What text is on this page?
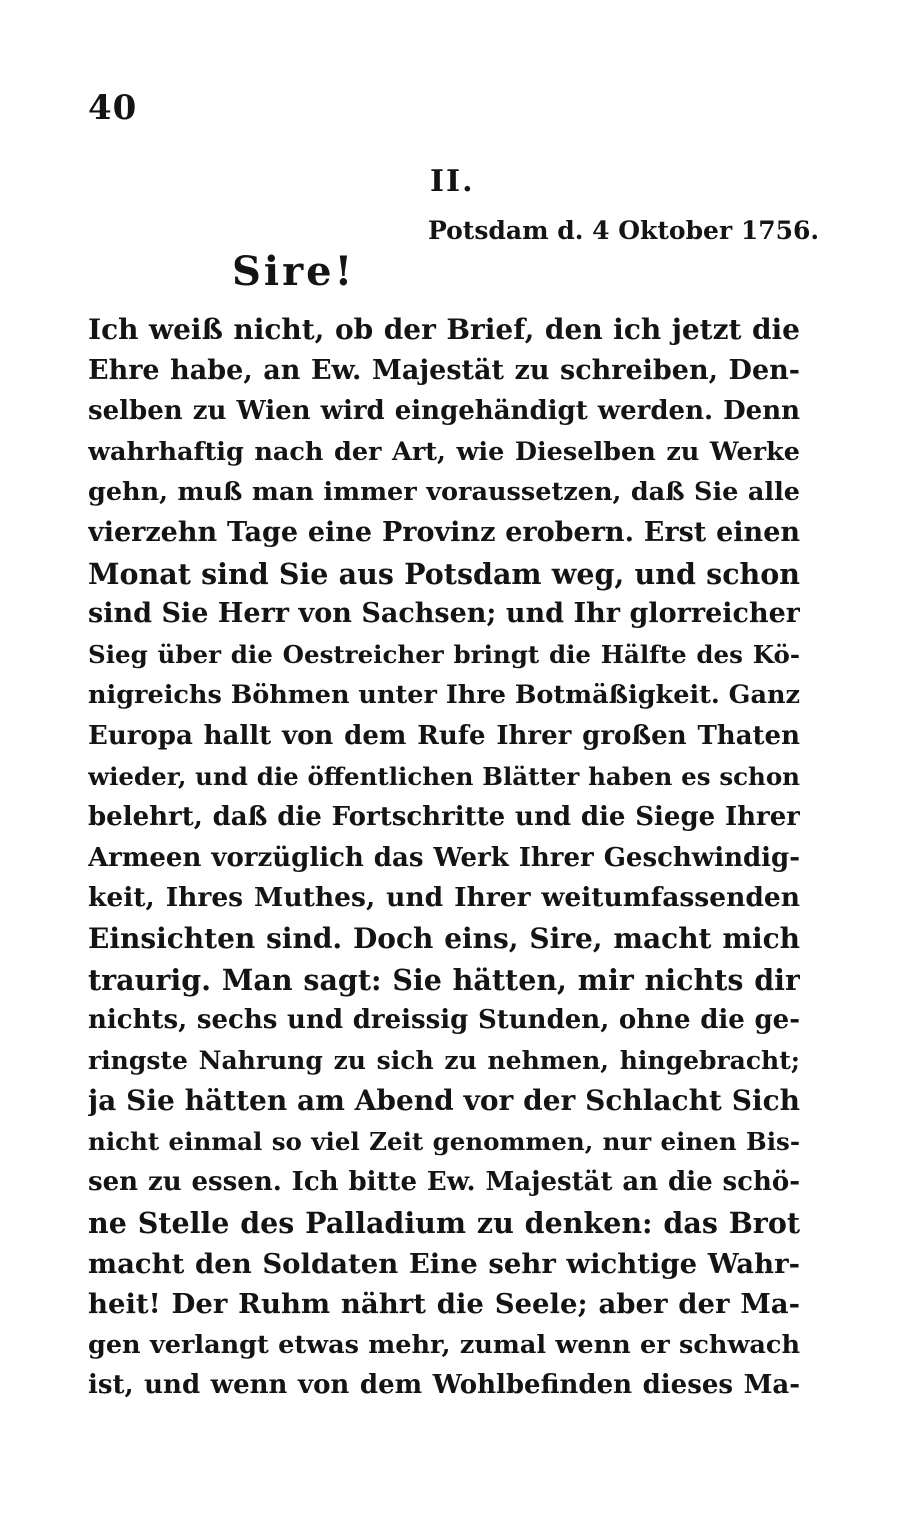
40
II.
Potsdam d. 4 Oktober 1756.
Sire!
Ich weiß nicht, ob der Brief, den ich jetzt die
Ehre habe, an Ew. Majestät zu schreiben, Den-
selben zu Wien wird eingehändigt werden. Denn
wahrhaftig nach der Art, wie Dieselben zu Werke
gehn, muß man immer voraussetzen, daß Sie alle
vierzehn Tage eine Provinz erobern. Erst einen
Monat sind Sie aus Potsdam weg, und schon
sind Sie Herr von Sachsen; und Ihr glorreicher
Sieg über die Oestreicher bringt die Hälfte des Kö-
nigreichs Böhmen unter Ihre Botmäßigkeit. Ganz
Europa hallt von dem Rufe Ihrer großen Thaten
wieder, und die öffentlichen Blätter haben es schon
belehrt, daß die Fortschritte und die Siege Ihrer
Armeen vorzüglich das Werk Ihrer Geschwindig-
keit, Ihres Muthes, und Ihrer weitumfassenden
Einsichten sind. Doch eins, Sire, macht mich
traurig. Man sagt: Sie hätten, mir nichts dir
nichts, sechs und dreissig Stunden, ohne die ge-
ringste Nahrung zu sich zu nehmen, hingebracht;
ja Sie hätten am Abend vor der Schlacht Sich
nicht einmal so viel Zeit genommen, nur einen Bis-
sen zu essen. Ich bitte Ew. Majestät an die schö-
ne Stelle des Palladium zu denken: das Brot
macht den Soldaten Eine sehr wichtige Wahr-
heit! Der Ruhm nährt die Seele; aber der Ma-
gen verlangt etwas mehr, zumal wenn er schwach
ist, und wenn von dem Wohlbefinden dieses Ma-
